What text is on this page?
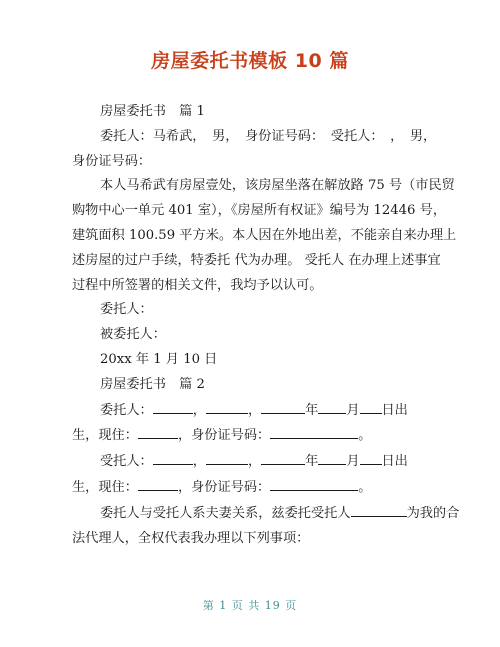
房屋委托书模板 10 篇
房屋委托书　篇 1
委托人：马希武，　男，　身份证号码：　受托人：　，　男，
身份证号码：
本人马希武有房屋壹处，该房屋坐落在解放路 75 号（市民贸
购物中心一单元 401 室），《房屋所有权证》编号为 12446 号，
建筑面积 100.59 平方米。本人因在外地出差，不能亲自来办理上
述房屋的过户手续，特委托 代为办理。 受托人 在办理上述事宜
过程中所签署的相关文件，我均予以认可。
委托人：
被委托人：
20xx 年 1 月 10 日
房屋委托书　篇 2
委托人：	，	，	年 月 日出
生，现住：	，身份证号码：	。
受托人：	，	，	年 月 日出
生，现住：	，身份证号码：	。
委托人与受托人系夫妻关系，兹委托受托人	为我的合
法代理人，全权代表我办理以下列事项：
第 1 页 共 19 页
